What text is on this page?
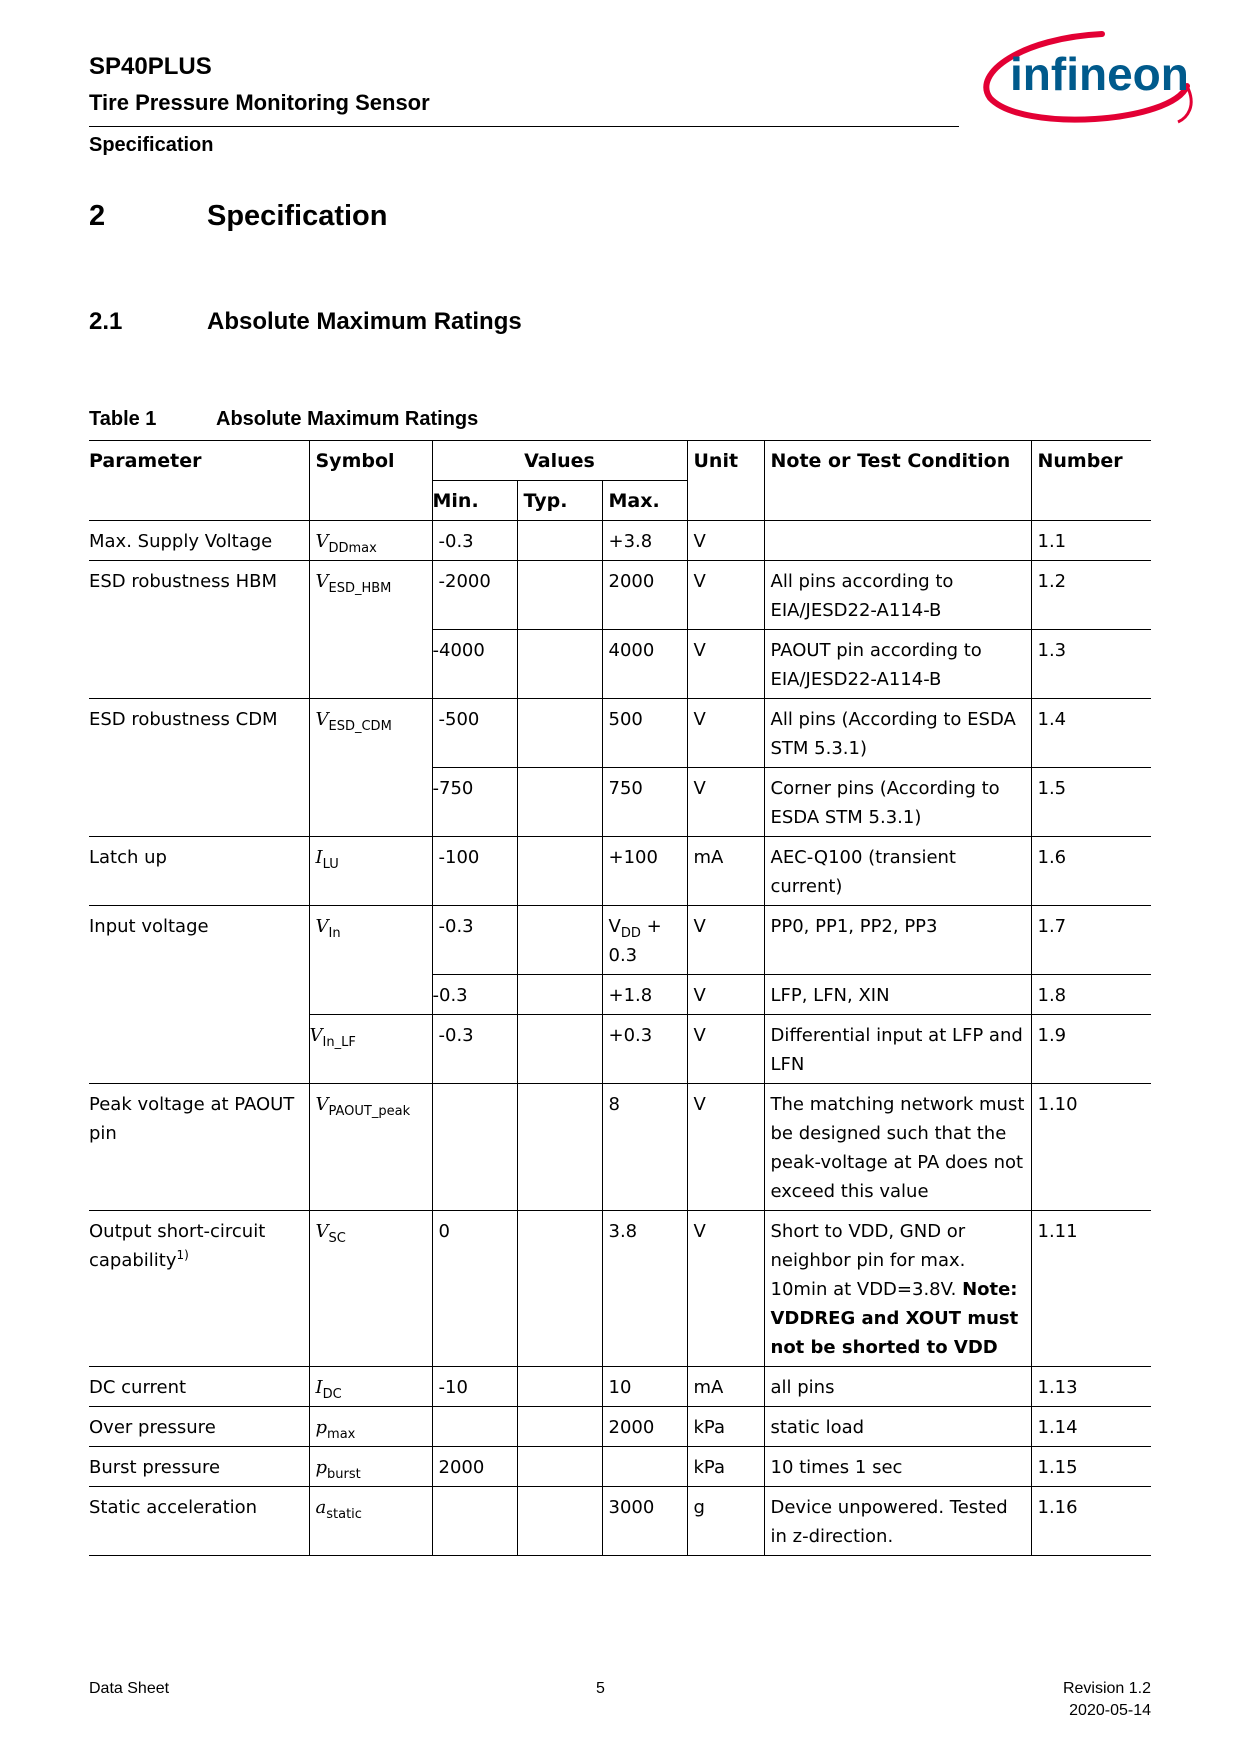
SP40PLUS
Tire Pressure Monitoring Sensor
Specification
infineon
2	Specification
2.1	Absolute Maximum Ratings
Table 1	Absolute Maximum Ratings
Parameter	Symbol	Values			Unit	Note or Test Condition	Number
		Min.	Typ.	Max.			
Max. Supply Voltage	$V_{DDmax}$	-0.3		+3.8	V		1.1
ESD robustness HBM	$V_{ESD\_HBM}$	-2000		2000	V	All pins according to EIA/JESD22-A114-B	1.2
		-4000		4000	V	PAOUT pin according to EIA/JESD22-A114-B	1.3
ESD robustness CDM	$V_{ESD\_CDM}$	-500		500	V	All pins (According to ESDA STM 5.3.1)	1.4
		-750		750	V	Corner pins (According to ESDA STM 5.3.1)	1.5
Latch up	$I_{LU}$	-100		+100	mA	AEC-Q100 (transient current)	1.6
Input voltage	$V_{In}$	-0.3		$V_{DD} + 0.3$	V	PP0, PP1, PP2, PP3	1.7
		-0.3		+1.8	V	LFP, LFN, XIN	1.8
	$V_{In\_LF}$	-0.3		+0.3	V	Differential input at LFP and LFN	1.9
Peak voltage at PAOUT pin	$V_{PAOUT\_peak}$			8	V	The matching network must be designed such that the peak-voltage at PA does not exceed this value	1.10
Output short-circuit capability$^{1)}$	$V_{SC}$	0		3.8	V	Short to VDD, GND or neighbor pin for max. 10min at VDD=3.8V. Note: VDDREG and XOUT must not be shorted to VDD	1.11
DC current	$I_{DC}$	-10		10	mA	all pins	1.13
Over pressure	$p_{max}$			2000	kPa	static load	1.14
Burst pressure	$p_{burst}$	2000			kPa	10 times 1 sec	1.15
Static acceleration	$a_{static}$			3000	g	Device unpowered. Tested in z-direction.	1.16
Data Sheet	5	Revision 1.2
2020-05-14
